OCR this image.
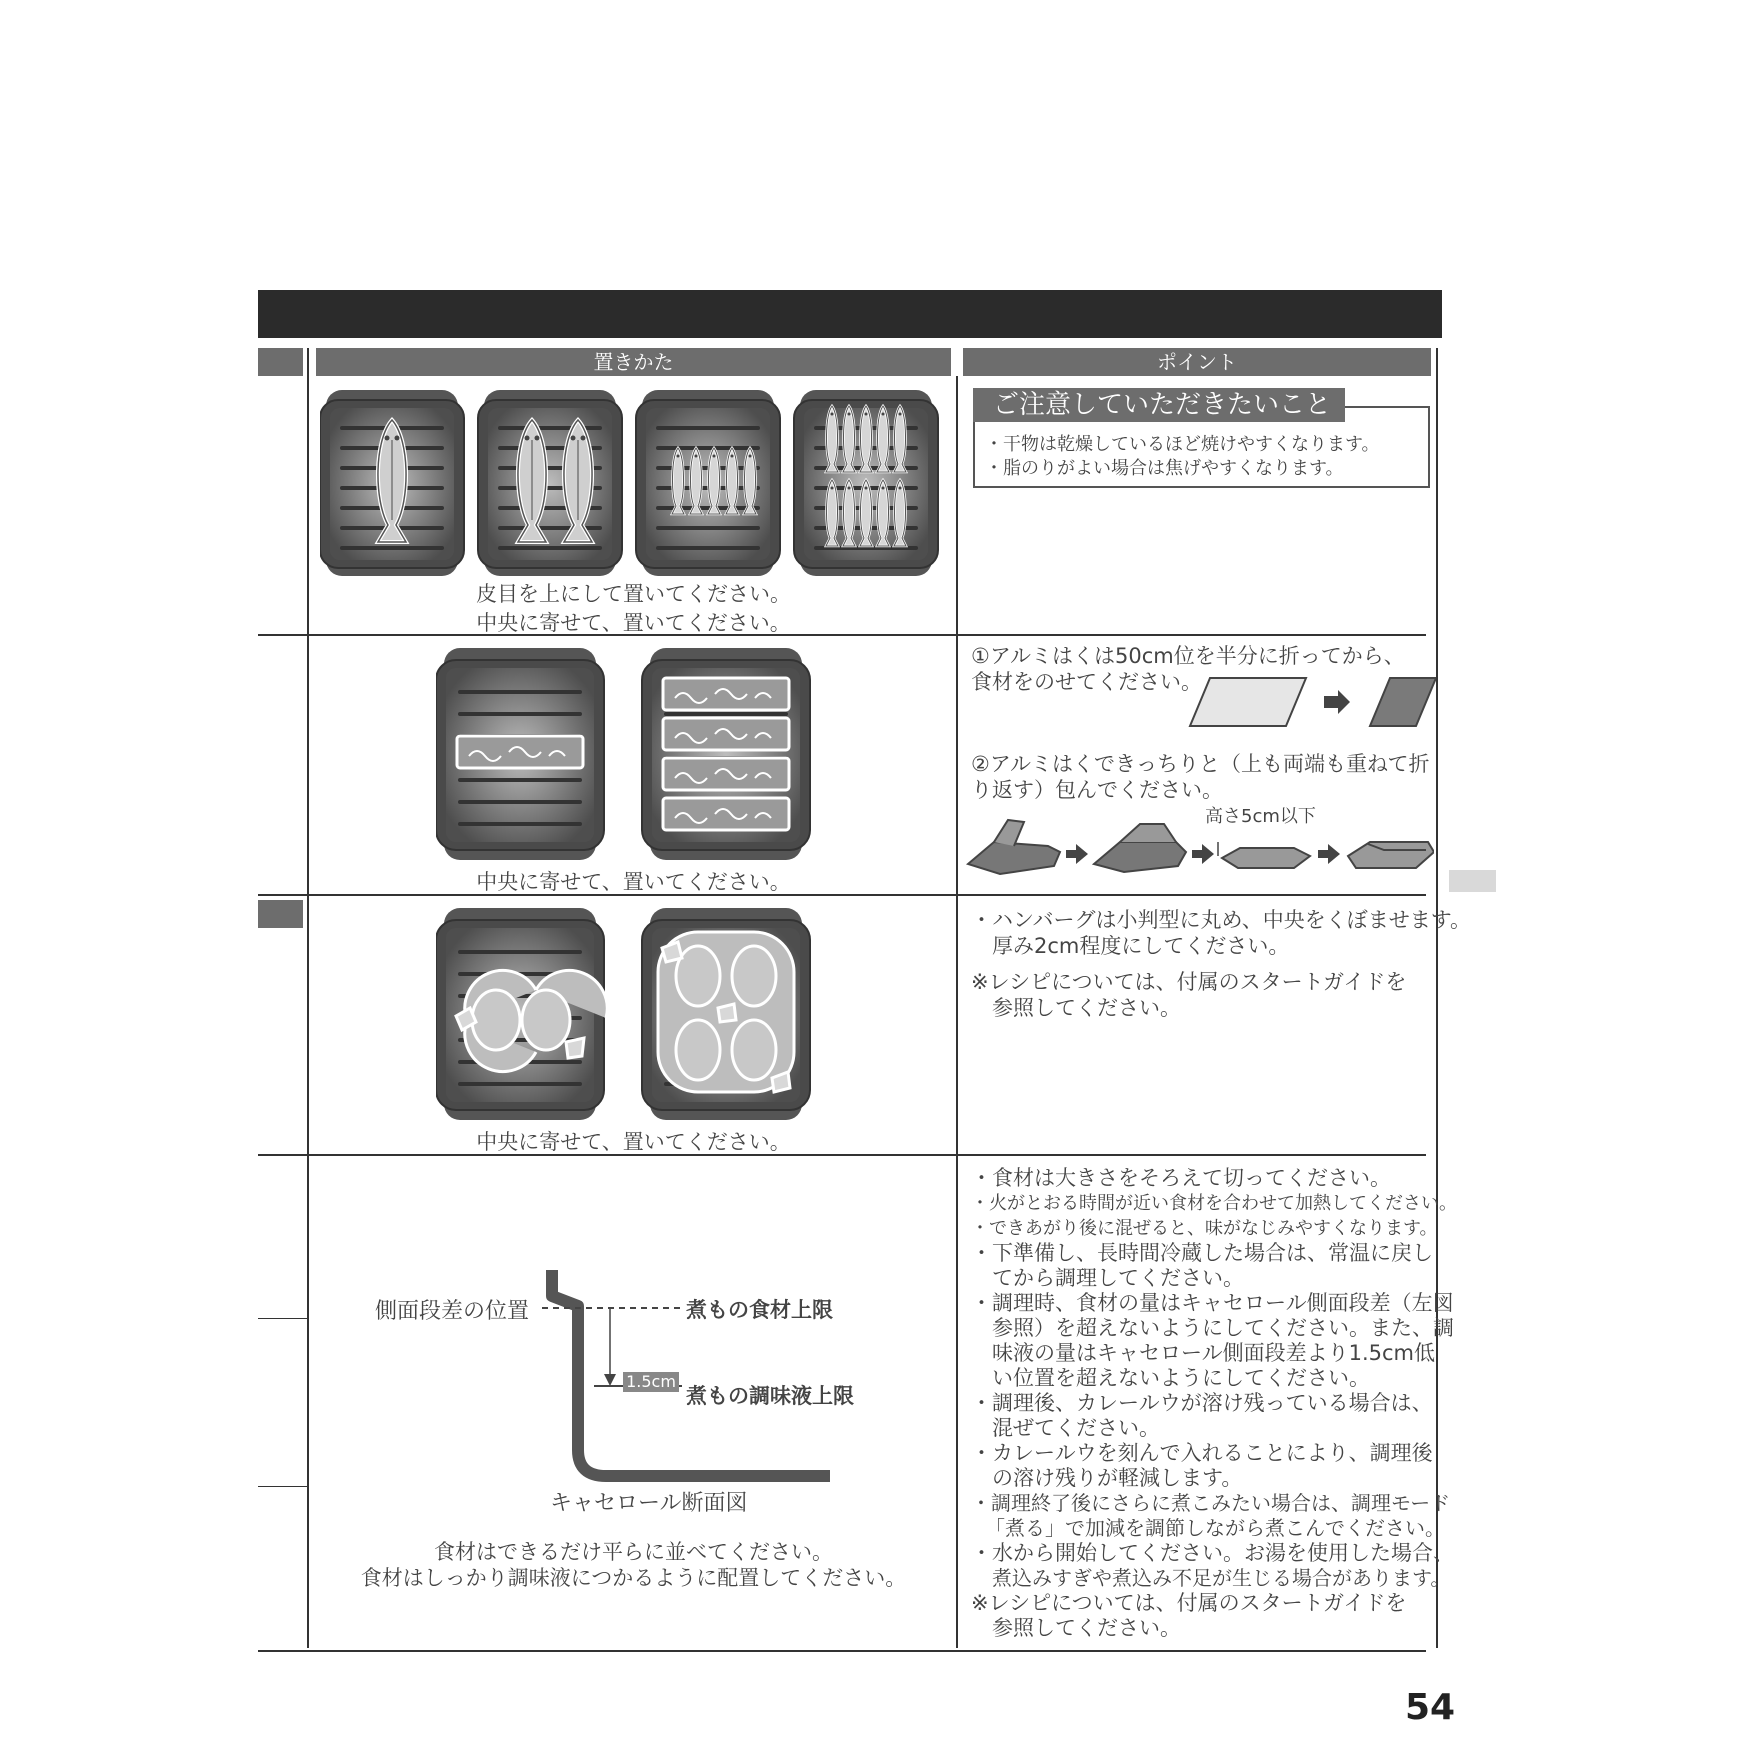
置きかた	ポイント
皮目を上にして置いてください。
中央に寄せて、置いてください。
ご注意していただきたいこと
・干物は乾燥しているほど焼けやすくなります。
・脂のりがよい場合は焦げやすくなります。
中央に寄せて、置いてください。
①アルミはくは50cm位を半分に折ってから、
食材をのせてください。
②アルミはくできっちりと（上も両端も重ねて折
り返す）包んでください。
高さ5cm以下
中央に寄せて、置いてください。
・ハンバーグは小判型に丸め、中央をくぼませます。
厚み2cm程度にしてください。
※レシピについては、付属のスタートガイドを
参照してください。
側面段差の位置	煮もの食材上限
1.5cm
煮もの調味液上限
キャセロール断面図
食材はできるだけ平らに並べてください。
食材はしっかり調味液につかるように配置してください。
・食材は大きさをそろえて切ってください。
・火がとおる時間が近い食材を合わせて加熱してください。
・できあがり後に混ぜると、味がなじみやすくなります。
・下準備し、長時間冷蔵した場合は、常温に戻し
てから調理してください。
・調理時、食材の量はキャセロール側面段差（左図
参照）を超えないようにしてください。また、調
味液の量はキャセロール側面段差より1.5cm低
い位置を超えないようにしてください。
・調理後、カレールウが溶け残っている場合は、
混ぜてください。
・カレールウを刻んで入れることにより、調理後
の溶け残りが軽減します。
・調理終了後にさらに煮こみたい場合は、調理モード
「煮る」で加減を調節しながら煮こんでください。
・水から開始してください。お湯を使用した場合、
煮込みすぎや煮込み不足が生じる場合があります。
※レシピについては、付属のスタートガイドを
参照してください。
54
